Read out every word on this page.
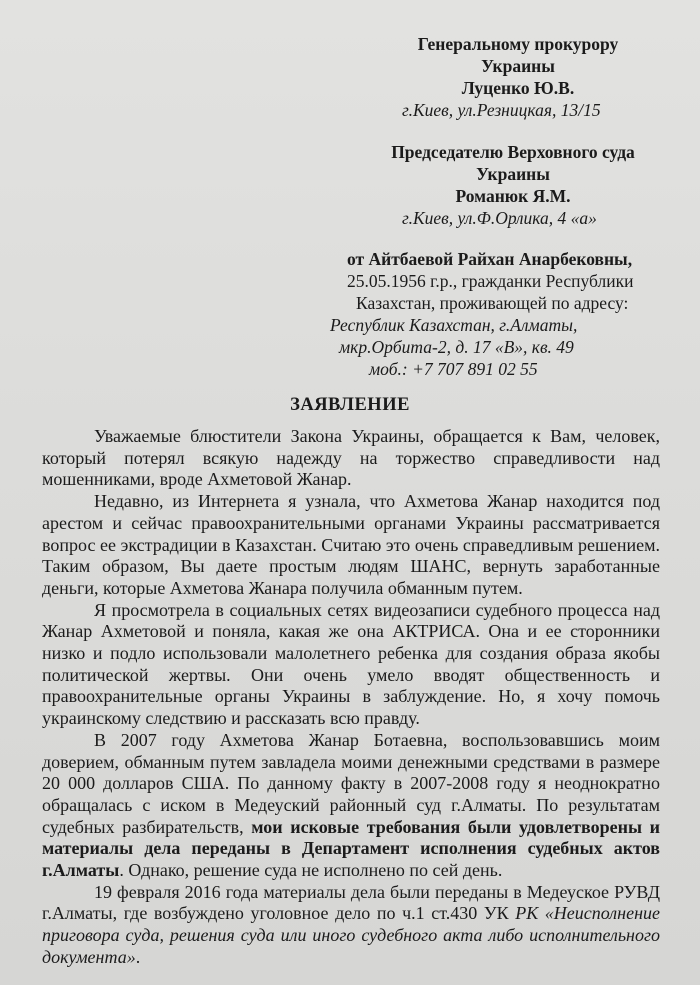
Генеральному прокурору
Украины
Луценко Ю.В.
г.Киев, ул.Резницкая, 13/15
Председателю Верховного суда
Украины
Романюк Я.М.
г.Киев, ул.Ф.Орлика, 4 «а»
от Айтбаевой Райхан Анарбековны,
25.05.1956 г.р., гражданки Республики
Казахстан, проживающей по адресу:
Республик Казахстан, г.Алматы,
мкр.Орбита-2, д. 17 «В», кв. 49
моб.: +7 707 891 02 55
ЗАЯВЛЕНИЕ

Уважаемые блюстители Закона Украины, обращается к Вам, человек, который потерял всякую надежду на торжество справедливости над мошенниками, вроде Ахметовой Жанар.

Недавно, из Интернета я узнала, что Ахметова Жанар находится под арестом и сейчас правоохранительными органами Украины рассматривается вопрос ее экстрадиции в Казахстан. Считаю это очень справедливым решением. Таким образом, Вы даете простым людям ШАНС, вернуть заработанные деньги, которые Ахметова Жанара получила обманным путем.

Я просмотрела в социальных сетях видеозаписи судебного процесса над Жанар Ахметовой и поняла, какая же она АКТРИСА. Она и ее сторонники низко и подло использовали малолетнего ребенка для создания образа якобы политической жертвы. Они очень умело вводят общественность и правоохранительные органы Украины в заблуждение. Но, я хочу помочь украинскому следствию и рассказать всю правду.

В 2007 году Ахметова Жанар Ботаевна, воспользовавшись моим доверием, обманным путем завладела моими денежными средствами в размере 20 000 долларов США. По данному факту в 2007-2008 году я неоднократно обращалась с иском в Медеуский районный суд г.Алматы. По результатам судебных разбирательств, мои исковые требования были удовлетворены и материалы дела переданы в Департамент исполнения судебных актов г.Алматы. Однако, решение суда не исполнено по сей день.

19 февраля 2016 года материалы дела были переданы в Медеуское РУВД г.Алматы, где возбуждено уголовное дело по ч.1 ст.430 УК РК «Неисполнение приговора суда, решения суда или иного судебного акта либо исполнительного документа».
